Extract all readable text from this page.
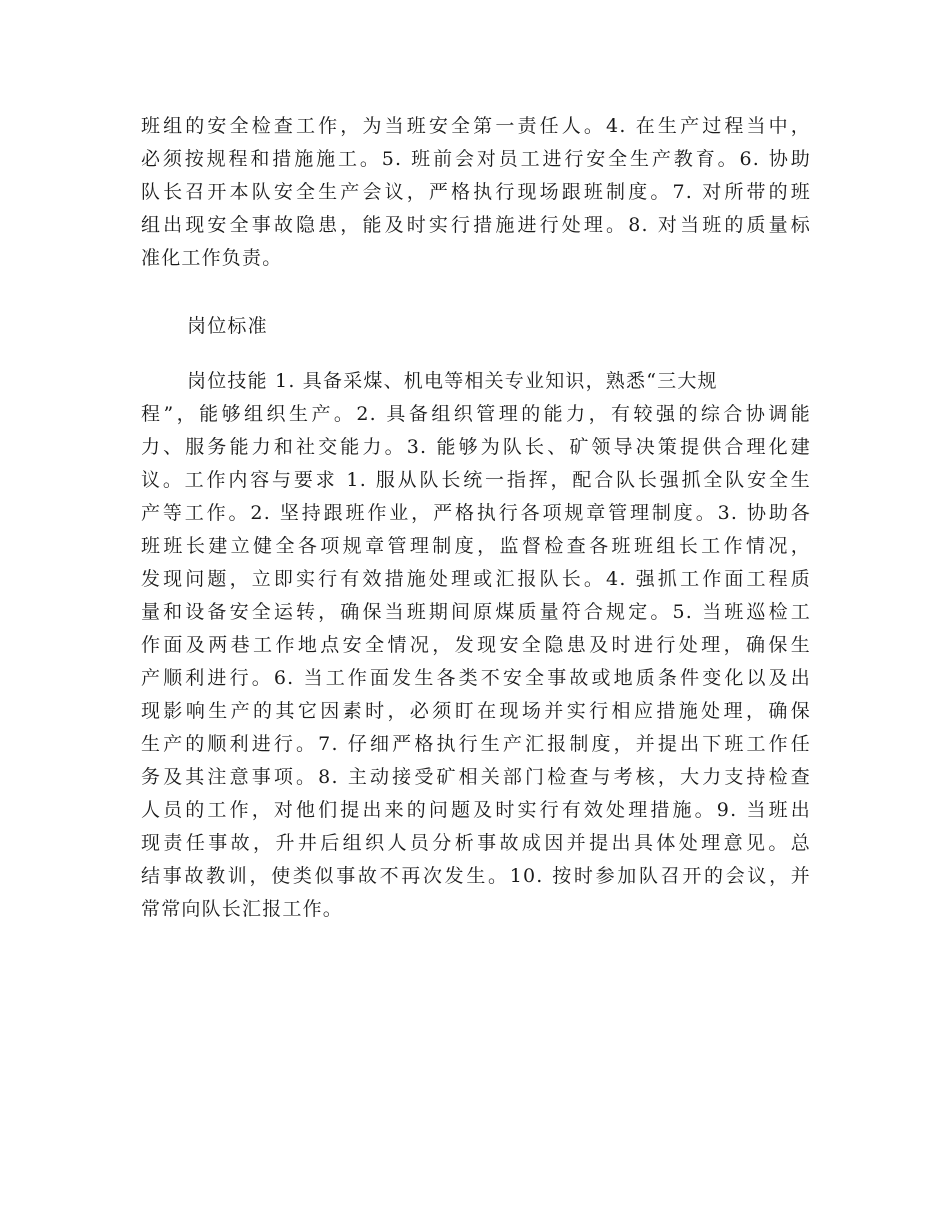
班组的安全检查工作，为当班安全第一责任人。4. 在生产过程当中，
必须按规程和措施施工。5. 班前会对员工进行安全生产教育。6. 协助
队长召开本队安全生产会议，严格执行现场跟班制度。7. 对所带的班
组出现安全事故隐患，能及时实行措施进行处理。8. 对当班的质量标
准化工作负责。
岗位标准
岗位技能 1. 具备采煤、机电等相关专业知识，熟悉“三大规
程”，能够组织生产。2. 具备组织管理的能力，有较强的综合协调能
力、服务能力和社交能力。3. 能够为队长、矿领导决策提供合理化建
议。工作内容与要求 1. 服从队长统一指挥，配合队长强抓全队安全生
产等工作。2. 坚持跟班作业，严格执行各项规章管理制度。3. 协助各
班班长建立健全各项规章管理制度，监督检查各班班组长工作情况，
发现问题，立即实行有效措施处理或汇报队长。4. 强抓工作面工程质
量和设备安全运转，确保当班期间原煤质量符合规定。5. 当班巡检工
作面及两巷工作地点安全情况，发现安全隐患及时进行处理，确保生
产顺利进行。6. 当工作面发生各类不安全事故或地质条件变化以及出
现影响生产的其它因素时，必须盯在现场并实行相应措施处理，确保
生产的顺利进行。7. 仔细严格执行生产汇报制度，并提出下班工作任
务及其注意事项。8. 主动接受矿相关部门检查与考核，大力支持检查
人员的工作，对他们提出来的问题及时实行有效处理措施。9. 当班出
现责任事故，升井后组织人员分析事故成因并提出具体处理意见。总
结事故教训，使类似事故不再次发生。10. 按时参加队召开的会议，并
常常向队长汇报工作。
